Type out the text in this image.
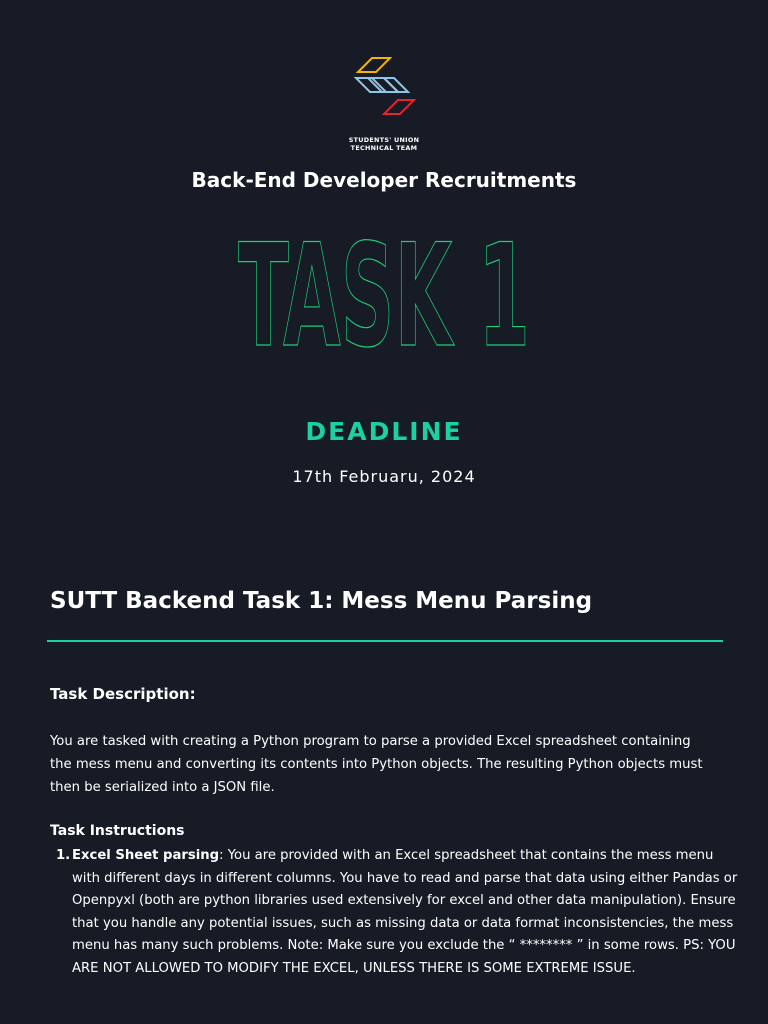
STUDENTS' UNION
TECHNICAL TEAM
Back-End Developer Recruitments
TASK 1
DEADLINE
17th Februaru, 2024
SUTT Backend Task 1: Mess Menu Parsing
Task Description:
You are tasked with creating a Python program to parse a provided Excel spreadsheet containing the mess menu and converting its contents into Python objects. The resulting Python objects must then be serialized into a JSON file.
Task Instructions
1. Excel Sheet parsing: You are provided with an Excel spreadsheet that contains the mess menu with different days in different columns. You have to read and parse that data using either Pandas or Openpyxl (both are python libraries used extensively for excel and other data manipulation). Ensure that you handle any potential issues, such as missing data or data format inconsistencies, the mess menu has many such problems. Note: Make sure you exclude the “ ******** ” in some rows. PS: YOU ARE NOT ALLOWED TO MODIFY THE EXCEL, UNLESS THERE IS SOME EXTREME ISSUE.
